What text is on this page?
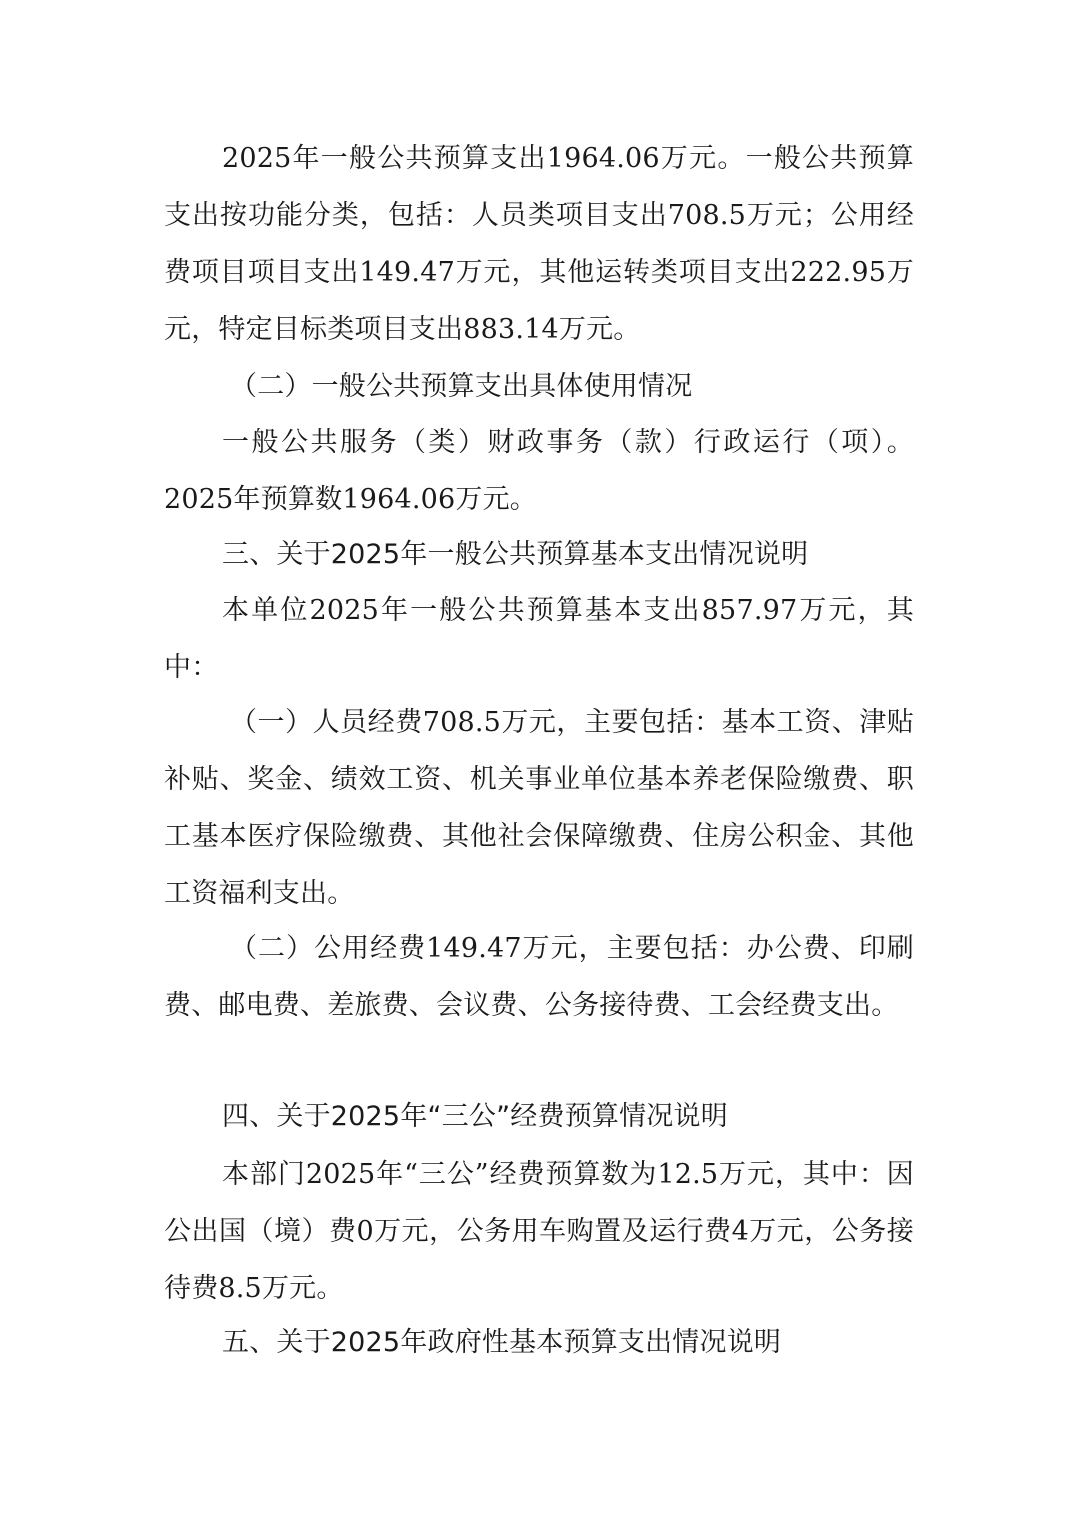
2025年一般公共预算支出1964.06万元。一般公共预算支出按功能分类，包括：人员类项目支出708.5万元；公用经费项目项目支出149.47万元，其他运转类项目支出222.95万元，特定目标类项目支出883.14万元。

（二）一般公共预算支出具体使用情况

一般公共服务（类）财政事务（款）行政运行（项）。2025年预算数1964.06万元。

三、关于2025年一般公共预算基本支出情况说明

本单位2025年一般公共预算基本支出857.97万元，其中：

（一）人员经费708.5万元，主要包括：基本工资、津贴补贴、奖金、绩效工资、机关事业单位基本养老保险缴费、职工基本医疗保险缴费、其他社会保障缴费、住房公积金、其他工资福利支出。

（二）公用经费149.47万元，主要包括：办公费、印刷费、邮电费、差旅费、会议费、公务接待费、工会经费支出。

四、关于2025年“三公”经费预算情况说明

本部门2025年“三公”经费预算数为12.5万元，其中：因公出国（境）费0万元，公务用车购置及运行费4万元，公务接待费8.5万元。

五、关于2025年政府性基本预算支出情况说明
